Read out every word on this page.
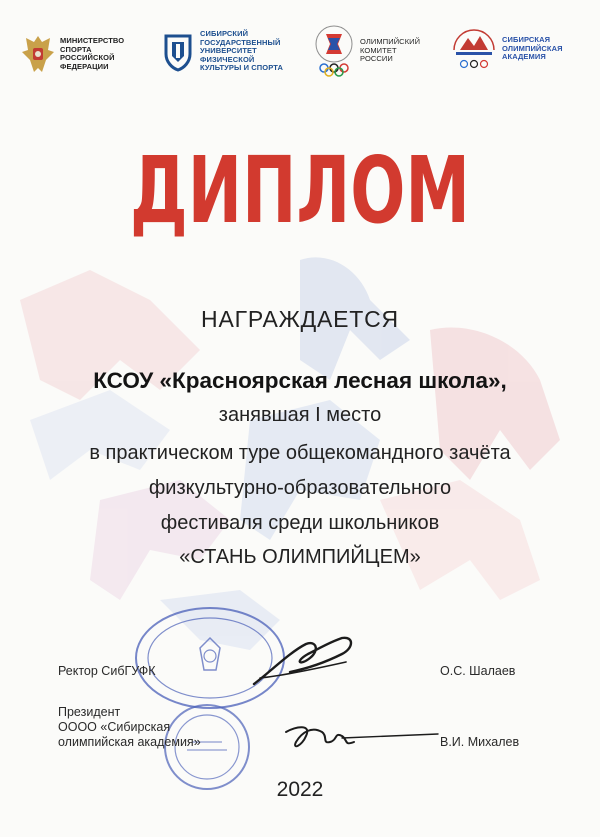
МИНИСТЕРСТВО
СПОРТА
РОССИЙСКОЙ
ФЕДЕРАЦИИ
СИБИРСКИЙ
ГОСУДАРСТВЕННЫЙ
УНИВЕРСИТЕТ
ФИЗИЧЕСКОЙ
КУЛЬТУРЫ И СПОРТА
ОЛИМПИЙСКИЙ
КОМИТЕТ
РОССИИ
СИБИРСКАЯ
ОЛИМПИЙСКАЯ
АКАДЕМИЯ
ДИПЛОМ
НАГРАЖДАЕТСЯ
КСОУ «Красноярская лесная школа»,
занявшая I место
в практическом туре общекомандного зачёта
физкультурно-образовательного
фестиваля среди школьников
«СТАНЬ ОЛИМПИЙЦЕМ»
Ректор СибГУФК	О.С. Шалаев
Президент
ОООО «Сибирская
олимпийская академия»	В.И. Михалев
2022
